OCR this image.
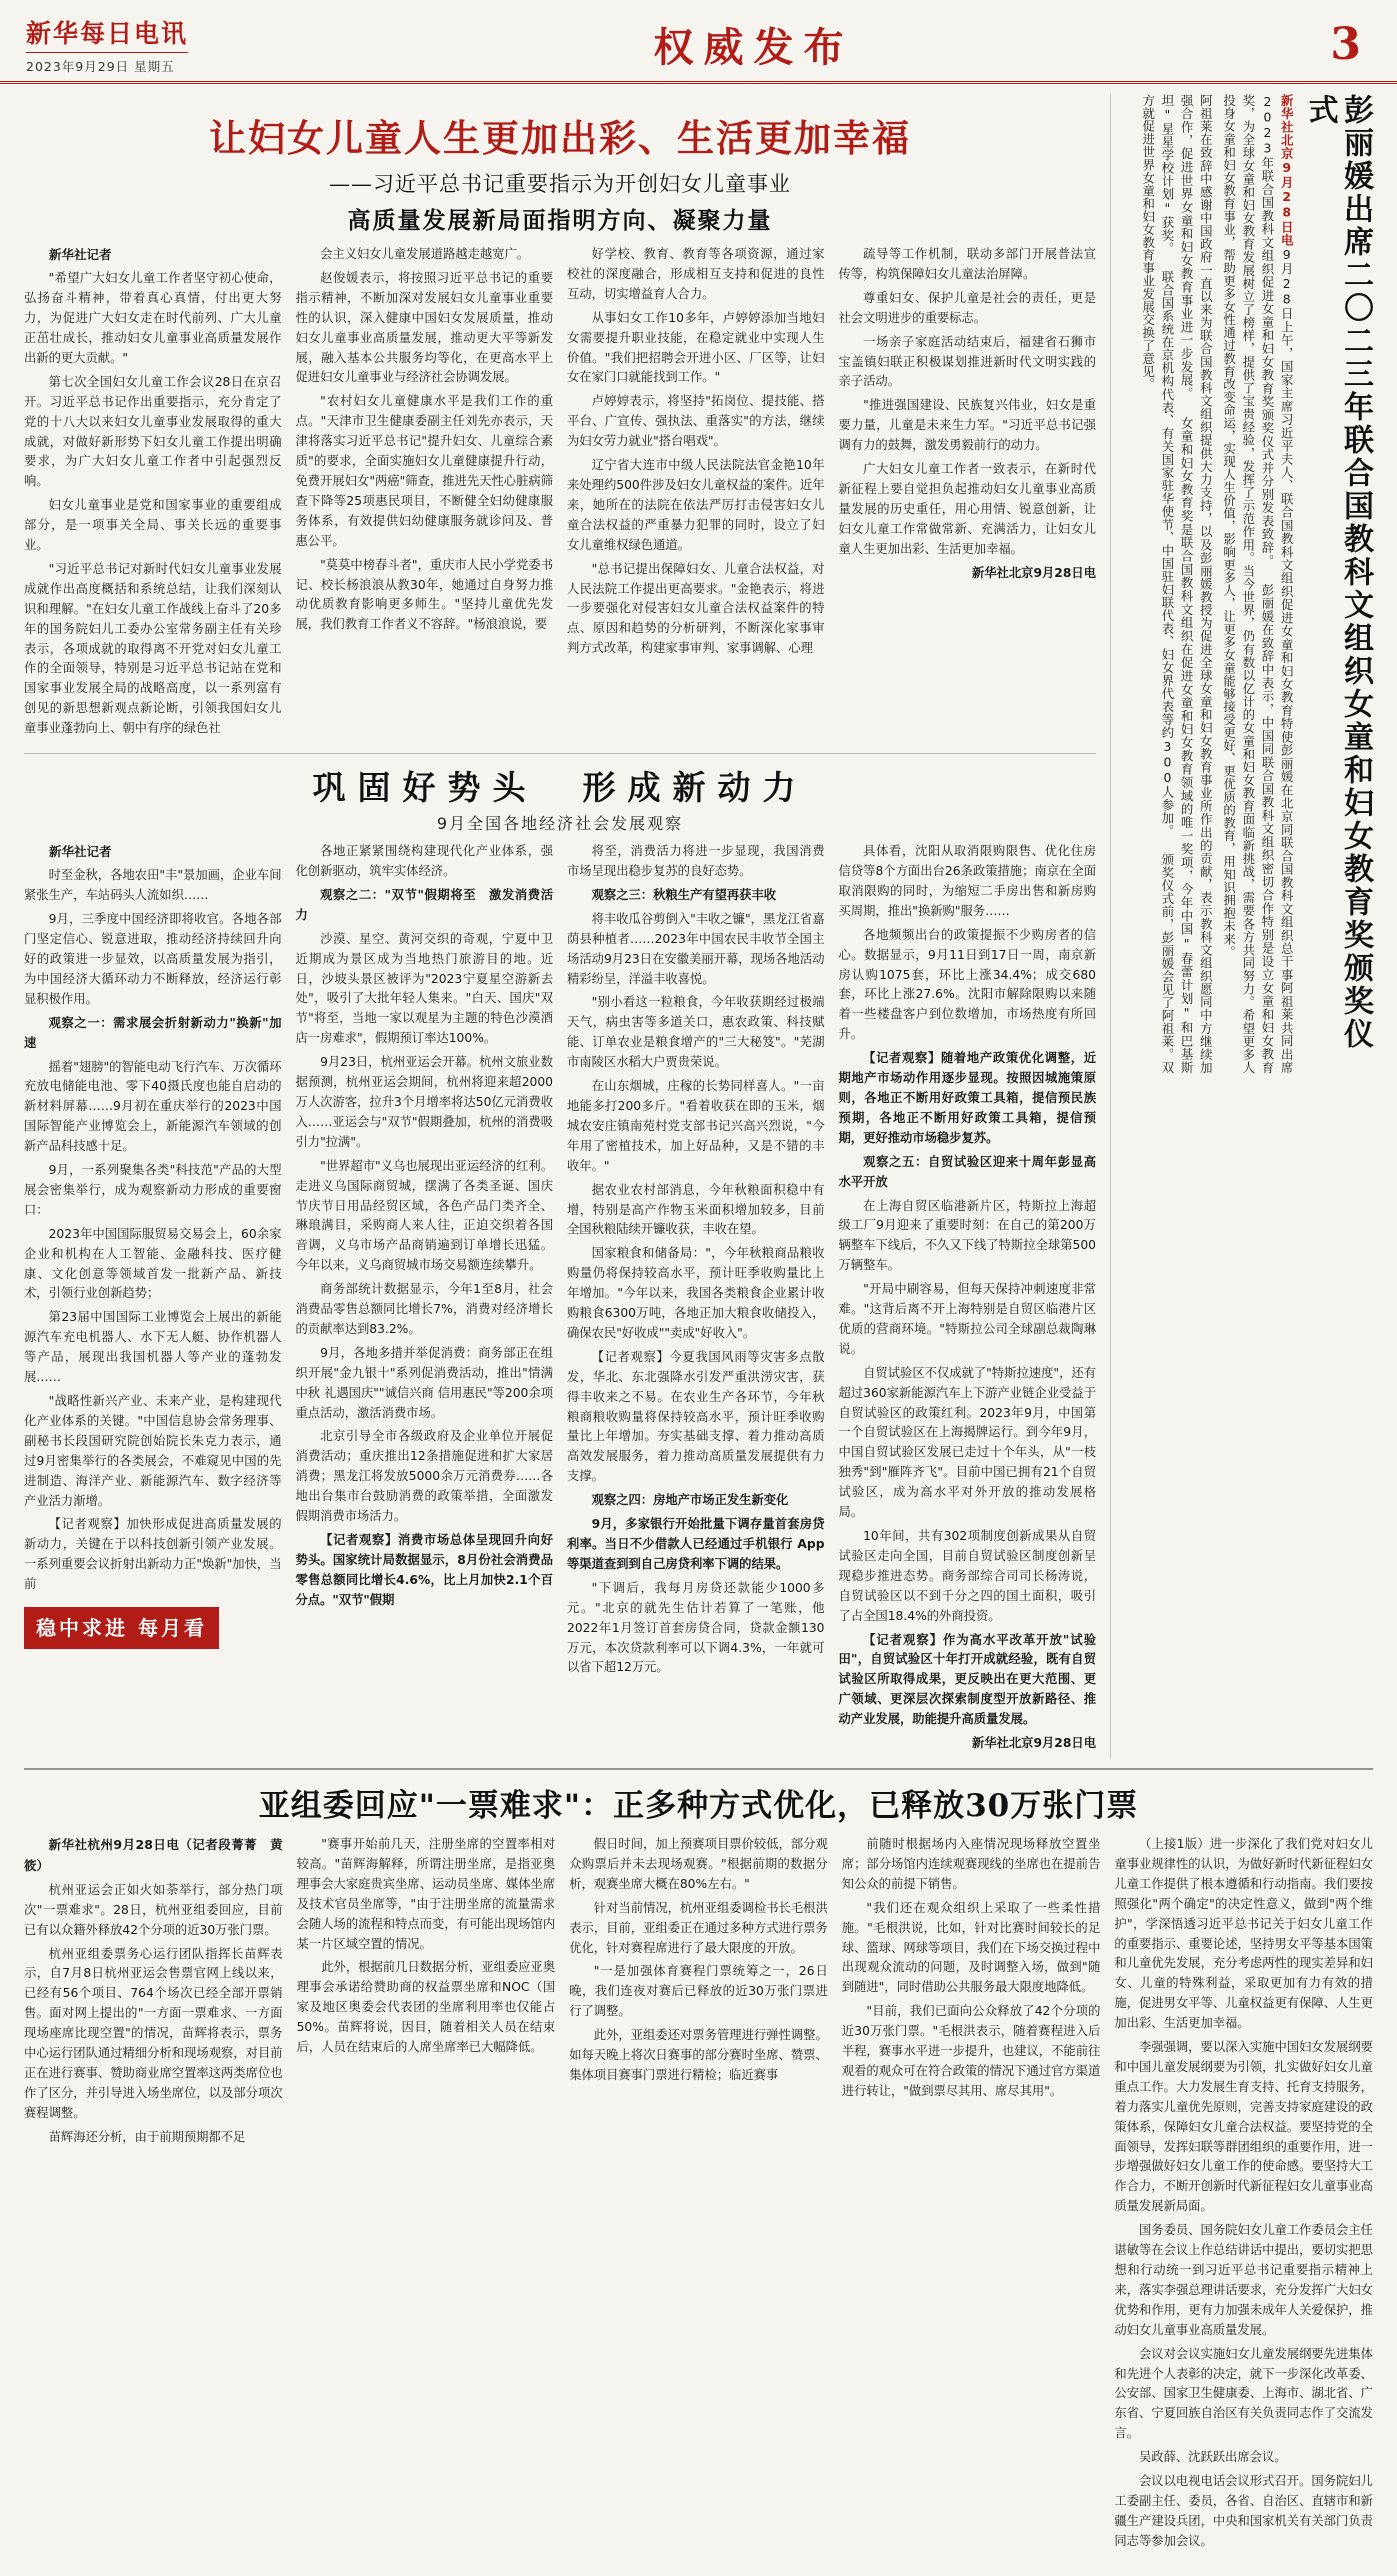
新华每日电讯
2023年9月29日 星期五	权威发布	3
让妇女儿童人生更加出彩、生活更加幸福
——习近平总书记重要指示为开创妇女儿童事业
高质量发展新局面指明方向、凝聚力量

新华社记者

"希望广大妇女儿童工作者坚守初心使命，弘扬奋斗精神，带着真心真情，付出更大努力，为促进广大妇女走在时代前列、广大儿童正茁壮成长，推动妇女儿童事业高质量发展作出新的更大贡献。"

第七次全国妇女儿童工作会议28日在京召开。习近平总书记作出重要指示，充分肯定了党的十八大以来妇女儿童事业发展取得的重大成就，对做好新形势下妇女儿童工作提出明确要求，为广大妇女儿童工作者中引起强烈反响。

妇女儿童事业是党和国家事业的重要组成部分，是一项事关全局、事关长远的重要事业。

"习近平总书记对新时代妇女儿童事业发展成就作出高度概括和系统总结，让我们深刻认识和理解。"在妇女儿童工作战线上奋斗了20多年的国务院妇儿工委办公室常务副主任有关珍表示，各项成就的取得离不开党对妇女儿童工作的全面领导，特别是习近平总书记站在党和国家事业发展全局的战略高度，以一系列富有创见的新思想新观点新论断，引领我国妇女儿童事业蓬勃向上、朝中有序的绿色社

会主义妇女儿童发展道路越走越宽广。

赵俊媛表示，将按照习近平总书记的重要指示精神，不断加深对发展妇女儿童事业重要性的认识，深入健康中国妇女发展质量，推动妇女儿童事业高质量发展，推动更大平等新发展，融入基本公共服务均等化，在更高水平上促进妇女儿童事业与经济社会协调发展。

"农村妇女儿童健康水平是我们工作的重点。"天津市卫生健康委副主任刘先亦表示，天津将落实习近平总书记"提升妇女、儿童综合素质"的要求，全面实施妇女儿童健康提升行动，免费开展妇女"两癌"筛查，推进先天性心脏病筛查下降等25项惠民项目，不断健全妇幼健康服务体系，有效提供妇幼健康服务就诊问及、普惠公平。

"莫莫中榜春斗者"，重庆市人民小学党委书记、校长杨浪浪从教30年，她通过自身努力推动优质教育影响更多师生。"坚持儿童优先发展，我们教育工作者义不容辞。"杨浪浪说，要

好学校、教育、教育等各项资源，通过家校社的深度融合，形成相互支持和促进的良性互动，切实增益育人合力。

从事妇女工作10多年，卢婷婷添加当地妇女需要提升职业技能，在稳定就业中实现人生价值。"我们把招聘会开进小区、厂区等，让妇女在家门口就能找到工作。"

卢婷婷表示，将坚持"拓岗位、提技能、搭平台、广宣传、强执法、重落实"的方法，继续为妇女劳力就业"搭台唱戏"。

辽宁省大连市中级人民法院法官金艳10年来处理约500件涉及妇女儿童权益的案件。近年来，她所在的法院在依法严厉打击侵害妇女儿童合法权益的严重暴力犯罪的同时，设立了妇女儿童维权绿色通道。

"总书记提出保障妇女、儿童合法权益，对人民法院工作提出更高要求。"金艳表示，将进一步要强化对侵害妇女儿童合法权益案件的特点、原因和趋势的分析研判，不断深化家事审判方式改革，构建家事审判、家事调解、心理

疏导等工作机制，联动多部门开展普法宣传等，构筑保障妇女儿童法治屏障。

尊重妇女、保护儿童是社会的责任，更是社会文明进步的重要标志。

一场亲子家庭活动结束后，福建省石狮市宝盖镇妇联正积极谋划推进新时代文明实践的亲子活动。

"推进强国建设、民族复兴伟业，妇女是重要力量，儿童是未来生力军。"习近平总书记强调有力的鼓舞，激发勇毅前行的动力。

广大妇女儿童工作者一致表示，在新时代新征程上要自觉担负起推动妇女儿童事业高质量发展的历史重任，用心用情、锐意创新，让妇女儿童工作常做常新、充满活力，让妇女儿童人生更加出彩、生活更加幸福。

新华社北京9月28日电

巩固好势头　形成新动力
9月全国各地经济社会发展观察

新华社记者

时至金秋，各地农田"丰"景加画，企业车间紧张生产，车站码头人流如织……

9月，三季度中国经济即将收官。各地各部门坚定信心、锐意进取，推动经济持续回升向好的政策进一步显效，以高质量发展为指引，为中国经济大循环动力不断释放，经济运行彰显积极作用。

观察之一：需求展会折射新动力"换新"加速

摇着"翅膀"的智能电动飞行汽车、万次循环充放电储能电池、零下40摄氏度也能自启动的新材料屏幕……9月初在重庆举行的2023中国国际智能产业博览会上，新能源汽车领域的创新产品科技感十足。

9月，一系列聚集各类"科技范"产品的大型展会密集举行，成为观察新动力形成的重要窗口：

2023年中国国际服贸易交易会上，60余家企业和机构在人工智能、金融科技、医疗健康、文化创意等领域首发一批新产品、新技术，引领行业创新趋势；

第23届中国国际工业博览会上展出的新能源汽车充电机器人、水下无人艇、协作机器人等产品，展现出我国机器人等产业的蓬勃发展……

"战略性新兴产业、未来产业，是构建现代化产业体系的关键。"中国信息协会常务理事、副秘书长段国研究院创始院长朱克力表示，通过9月密集举行的各类展会，不难窥见中国的先进制造、海洋产业、新能源汽车、数字经济等产业活力渐增。

【记者观察】加快形成促进高质量发展的新动力，关键在于以科技创新引领产业发展。一系列重要会议折射出新动力正"焕新"加快，当前

稳中求进 每月看

各地正紧紧围绕构建现代化产业体系，强化创新驱动，筑牢实体经济。

观察之二："双节"假期将至　激发消费活力

沙漠、星空、黄河交织的奇观，宁夏中卫近期成为景区成为当地热门旅游目的地。近日，沙坡头景区被评为"2023宁夏星空游新去处"，吸引了大批年轻人集来。"白天、国庆"双节"将至，当地一家以观星为主题的特色沙漠酒店一房难求"，假期预订率达100%。

9月23日，杭州亚运会开幕。杭州文旅业数据预测，杭州亚运会期间，杭州将迎来超2000万人次游客，拉升3个月增率将达50亿元消费收入……亚运会与"双节"假期叠加，杭州的消费吸引力"拉满"。

"世界超市"义乌也展现出亚运经济的红利。走进义乌国际商贸城，摆满了各类圣诞、国庆节庆节日用品经贸区域，各色产品门类齐全、琳琅满目，采购商人来人往，正迫交织着各国音调，义乌市场产品商销遍到订单增长迅猛。今年以来，义乌商贸城市场交易额连续攀升。

商务部统计数据显示，今年1至8月，社会消费品零售总额同比增长7%，消费对经济增长的贡献率达到83.2%。

9月，各地多措并举促消费：商务部正在组织开展"金九银十"系列促消费活动，推出"情满中秋 礼遇国庆""诚信兴商 信用惠民"等200余项重点活动，激活消费市场。

北京引导全市各级政府及企业单位开展促消费活动；重庆推出12条措施促进和扩大家居消费；黑龙江将发放5000余万元消费券……各地出台集市台鼓励消费的政策举措，全面激发假期消费市场活力。

【记者观察】消费市场总体呈现回升向好势头。国家统计局数据显示，8月份社会消费品零售总额同比增长4.6%，比上月加快2.1个百分点。"双节"假期

将至，消费活力将进一步显现，我国消费市场呈现出稳步复苏的良好态势。

观察之三：秋粮生产有望再获丰收

将丰收瓜谷剪倒入"丰收之镰"，黑龙江省嘉荫县种植者……2023年中国农民丰收节全国主场活动9月23日在安徽美丽开幕，现场各地活动精彩纷呈，洋溢丰收喜悦。

"别小看这一粒粮食，今年收获期经过极端天气，病虫害等多道关口，惠农政策、科技赋能、订单农业是粮食增产的"三大秘笈"。"芜湖市南陵区水稻大户贾贵荣说。

在山东烟城，庄稼的长势同样喜人。"一亩地能多打200多斤。"看着收获在即的玉米，烟城农安庄镇南苑村党支部书记兴高兴烈说，"今年用了密植技术，加上好品种，又是不错的丰收年。"

据农业农村部消息，今年秋粮面积稳中有增，特别是高产作物玉米面积增加较多，目前全国秋粮陆续开镰收获，丰收在望。

国家粮食和储备局："，今年秋粮商品粮收购量仍将保持较高水平，预计旺季收购量比上年增加。"今年以来，我国各类粮食企业累计收购粮食6300万吨，各地正加大粮食收储投入，确保农民"好收成""卖成"好收入"。

【记者观察】今夏我国风雨等灾害多点散发，华北、东北强降水引发严重洪涝灾害，获得丰收来之不易。在农业生产各环节，今年秋粮商粮收购量将保持较高水平，预计旺季收购量比上年增加。夯实基础支撑、着力推动高质高效发展服务，着力推动高质量发展提供有力支撑。

观察之四：房地产市场正发生新变化

9月，多家银行开始批量下调存量首套房贷利率。当日不少借款人已经通过手机银行 App 等渠道查到到自己房贷利率下调的结果。

"下调后，我每月房贷还款能少1000多元。"北京的就先生估计若算了一笔账，他2022年1月签订首套房贷合同，贷款金额130万元，本次贷款利率可以下调4.3%，一年就可以省下超12万元。

具体看，沈阳从取消限购限售、优化住房信贷等8个方面出台26条政策措施；南京在全面取消限购的同时，为缩短二手房出售和新房购买周期，推出"换新购"服务……

各地频频出台的政策提振不少购房者的信心。数据显示，9月11日到17日一周，南京新房认购1075套，环比上涨34.4%；成交680套，环比上涨27.6%。沈阳市解除限购以来随着一些楼盘客户到位数增加，市场热度有所回升。

【记者观察】随着地产政策优化调整，近期地产市场动作用逐步显现。按照因城施策原则，各地正不断用好政策工具箱，提信预民族预期，各地正不断用好政策工具箱，提信预期，更好推动市场稳步复苏。

观察之五：自贸试验区迎来十周年彭显高水平开放

在上海自贸区临港新片区，特斯拉上海超级工厂9月迎来了重要时刻：在自己的第200万辆整车下线后，不久又下线了特斯拉全球第500万辆整车。

"开局中刷容易，但每天保持冲刺速度非常难。"这背后离不开上海特别是自贸区临港片区优质的营商环境。"特斯拉公司全球副总裁陶琳说。

自贸试验区不仅成就了"特斯拉速度"，还有超过360家新能源汽车上下游产业链企业受益于自贸试验区的政策红利。2023年9月，中国第一个自贸试验区在上海揭牌运行。到今年9月，中国自贸试验区发展已走过十个年头，从"一枝独秀"到"雁阵齐飞"。目前中国已拥有21个自贸试验区，成为高水平对外开放的推动发展格局。

10年间，共有302项制度创新成果从自贸试验区走向全国，目前自贸试验区制度创新呈现稳步推进态势。商务部综合司司长杨涛说，自贸试验区以不到千分之四的国土面积，吸引了占全国18.4%的外商投资。

【记者观察】作为高水平改革开放"试验田"，自贸试验区十年打开成就经验，既有自贸试验区所取得成果，更反映出在更大范围、更广领域、更深层次探索制度型开放新路径、推动产业发展，助能提升高质量发展。

新华社北京9月28日电

彭丽媛出席二〇二三年联合国教科文组织女童和妇女教育奖颁奖仪式
新华社北京9月28日电9月28日上午，国家主席习近平夫人、联合国教科文组织促进女童和妇女教育特使彭丽媛在北京同联合国教科文组织总干事阿祖莱共同出席2023年联合国教科文组织促进女童和妇女教育奖颁奖仪式并分别发表致辞。 彭丽媛在致辞中表示，中国同联合国教科文组织密切合作特别是设立女童和妇女教育奖，为全球女童和妇女教育发展树立了榜样，提供了宝贵经验，发挥了示范作用。当今世界，仍有数以亿计的女童和妇女教育面临新挑战，需要各方共同努力。希望更多人投身女童和妇女教育事业，帮助更多女性通过教育改变命运，实现人生价值，影响更多人，让更多女童能够接受更好、更优质的教育，用知识拥抱未来。
阿祖莱在致辞中感谢中国政府一直以来为联合国教科文组织提供大力支持，以及彭丽媛教授为促进全球女童和妇女教育事业所作出的贡献，表示教科文组织愿同中方继续加强合作，促进世界女童和妇女教育事业进一步发展。 女童和妇女教育奖是联合国教科文组织在促进女童和妇女教育领域的唯一奖项，今年中国"春蕾计划"和巴基斯坦"星星学校计划"获奖。 联合国系统在京机构代表、有关国家驻华使节、中国驻妇联代表、妇女界代表等约300人参加。 颁奖仪式前，彭丽媛会见了阿祖莱。双方就促进世界女童和妇女教育事业发展交换了意见。
亚组委回应"一票难求"：正多种方式优化，已释放30万张门票

新华社杭州9月28日电（记者段菁菁　黄筱）

杭州亚运会正如火如荼举行，部分热门项次"一票难求"。28日，杭州亚组委回应，目前已有以众籍外释放42个分项的近30万张门票。

杭州亚组委票务心运行团队指挥长苗辉表示，自7月8日杭州亚运会售票官网上线以来，已经有56个项目、764个场次已经全部开票销售。面对网上提出的"一方面一票难求、一方面现场座席比现空置"的情况，苗辉将表示，票务中心运行团队通过精细分析和现场观察，对目前正在进行赛事、赞助商业席空置率这两类席位也作了区分，并引导进入场坐席位，以及部分项次赛程调整。

苗辉海还分析，由于前期预期都不足

"赛事开始前几天，注册坐席的空置率相对较高。"苗辉海解释，所谓注册坐席，是指亚奥理事会大家庭贵宾坐席、运动员坐席、媒体坐席及技术官员坐席等，"由于注册坐席的流量需求会随人场的流程和特点而变，有可能出现场馆内某一片区域空置的情况。

此外，根据前几日数据分析，亚组委应亚奥理事会承诺给赞助商的权益票坐席和NOC（国家及地区奥委会代表团的坐席利用率也仅能占50%。苗辉将说，因目，随着相关人员在结束后，人员在结束后的人席坐席率已大幅降低。

假日时间，加上预赛项目票价较低，部分观众购票后并未去现场观赛。"根据前期的数据分析，观赛坐席大概在80%左右。"

针对当前情况，杭州亚组委调检书长毛根洪表示，目前，亚组委正在通过多种方式进行票务优化，针对赛程席进行了最大限度的开放。

"一是加强体育赛程门票统筹之一，26日晚，我们连夜对赛后已释放的近30万张门票进行了调整。

此外，亚组委还对票务管理进行弹性调整。如每天晚上将次日赛事的部分赛时坐席、赞票、集体项目赛事门票进行精检；临近赛事

前随时根据场内入座情况现场释放空置坐席；部分场馆内连续观赛现线的坐席也在提前告知公众的前提下销售。

"我们还在观众组织上采取了一些柔性措施。"毛根洪说，比如，针对比赛时间较长的足球、篮球、网球等项目，我们在下场交换过程中出现观众流动的问题，及时调整入场，做到"随到随进"，同时借助公共服务最大限度地降低。

"目前，我们已面向公众释放了42个分项的近30万张门票。"毛根洪表示，随着赛程进入后半程，赛事水平进一步提升，也建议，不能前往观看的观众可在符合政策的情况下通过官方渠道进行转让，"做到票尽其用、席尽其用"。

（上接1版）进一步深化了我们党对妇女儿童事业规律性的认识，为做好新时代新征程妇女儿童工作提供了根本遵循和行动指南。我们要按照强化"两个确定"的决定性意义，做到"两个维护"，学深悟透习近平总书记关于妇女儿童工作的重要指示、重要论述，坚持男女平等基本国策和儿童优先发展，充分考虑两性的现实差异和妇女、儿童的特殊利益，采取更加有力有效的措施，促进男女平等、儿童权益更有保障、人生更加出彩、生活更加幸福。

李强强调，要以深入实施中国妇女发展纲要和中国儿童发展纲要为引领，扎实做好妇女儿童重点工作。大力发展生育支持、托育支持服务，着力落实儿童优先原则，完善支持家庭建设的政策体系，保障妇女儿童合法权益。要坚持党的全面领导，发挥妇联等群团组织的重要作用，进一步增强做好妇女儿童工作的使命感。要坚持大工作合力，不断开创新时代新征程妇女儿童事业高质量发展新局面。

国务委员、国务院妇女儿童工作委员会主任谌敏等在会议上作总结讲话中提出，要切实把思想和行动统一到习近平总书记重要指示精神上来，落实李强总理讲话要求，充分发挥广大妇女优势和作用，更有力加强未成年人关爱保护，推动妇女儿童事业高质量发展。

会议对会议实施妇女儿童发展纲要先进集体和先进个人表彰的决定，就下一步深化改革委、公安部、国家卫生健康委、上海市、湖北省、广东省、宁夏回族自治区有关负责同志作了交流发言。

吴政薛、沈跃跃出席会议。

会议以电视电话会议形式召开。国务院妇儿工委副主任、委员，各省、自治区、直辖市和新疆生产建设兵团，中央和国家机关有关部门负责同志等参加会议。
